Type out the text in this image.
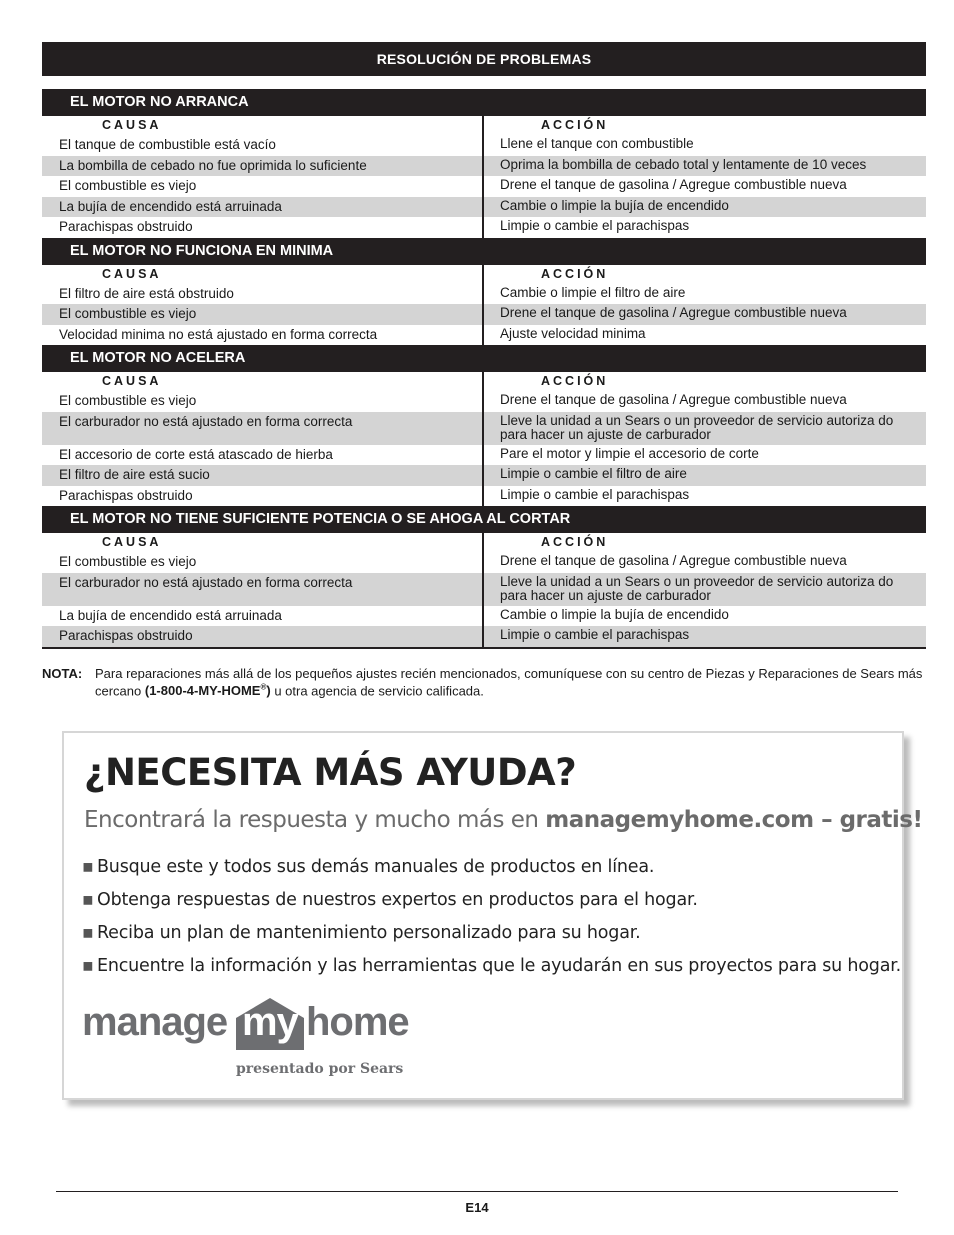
RESOLUCIÓN DE PROBLEMAS
EL MOTOR NO ARRANCA
CAUSA	ACCIÓN
El tanque de combustible está vacío	Llene el tanque con combustible
La bombilla de cebado no fue oprimida lo suficiente	Oprima la bombilla de cebado total y lentamente de 10 veces
El combustible es viejo	Drene el tanque de gasolina / Agregue combustible nueva
La bujía de encendido está arruinada	Cambie o limpie la bujía de encendido
Parachispas obstruido	Limpie o cambie el parachispas
EL MOTOR NO FUNCIONA EN MINIMA
CAUSA	ACCIÓN
El filtro de aire está obstruido	Cambie o limpie el filtro de aire
El combustible es viejo	Drene el tanque de gasolina / Agregue combustible nueva
Velocidad minima no está ajustado en forma correcta	Ajuste velocidad minima
EL MOTOR NO ACELERA
CAUSA	ACCIÓN
El combustible es viejo	Drene el tanque de gasolina / Agregue combustible nueva
El carburador no está ajustado en forma correcta	Lleve la unidad a un Sears o un proveedor de servicio autoriza do para hacer un ajuste de carburador
El accesorio de corte está atascado de hierba	Pare el motor y limpie el accesorio de corte
El filtro de aire está sucio	Limpie o cambie el filtro de aire
Parachispas obstruido	Limpie o cambie el parachispas
EL MOTOR NO TIENE SUFICIENTE POTENCIA O SE AHOGA AL CORTAR
CAUSA	ACCIÓN
El combustible es viejo	Drene el tanque de gasolina / Agregue combustible nueva
El carburador no está ajustado en forma correcta	Lleve la unidad a un Sears o un proveedor de servicio autoriza do para hacer un ajuste de carburador
La bujía de encendido está arruinada	Cambie o limpie la bujía de encendido
Parachispas obstruido	Limpie o cambie el parachispas
NOTA: Para reparaciones más allá de los pequeños ajustes recién mencionados, comuníquese con su centro de Piezas y Reparaciones de Sears más cercano (1-800-4-MY-HOME®) u otra agencia de servicio calificada.
¿NECESITA MÁS AYUDA?
Encontrará la respuesta y mucho más en managemyhome.com – gratis!
▪ Busque este y todos sus demás manuales de productos en línea.
▪ Obtenga respuestas de nuestros expertos en productos para el hogar.
▪ Reciba un plan de mantenimiento personalizado para su hogar.
▪ Encuentre la información y las herramientas que le ayudarán en sus proyectos para su hogar.
manage my home
presentado por Sears
E14
